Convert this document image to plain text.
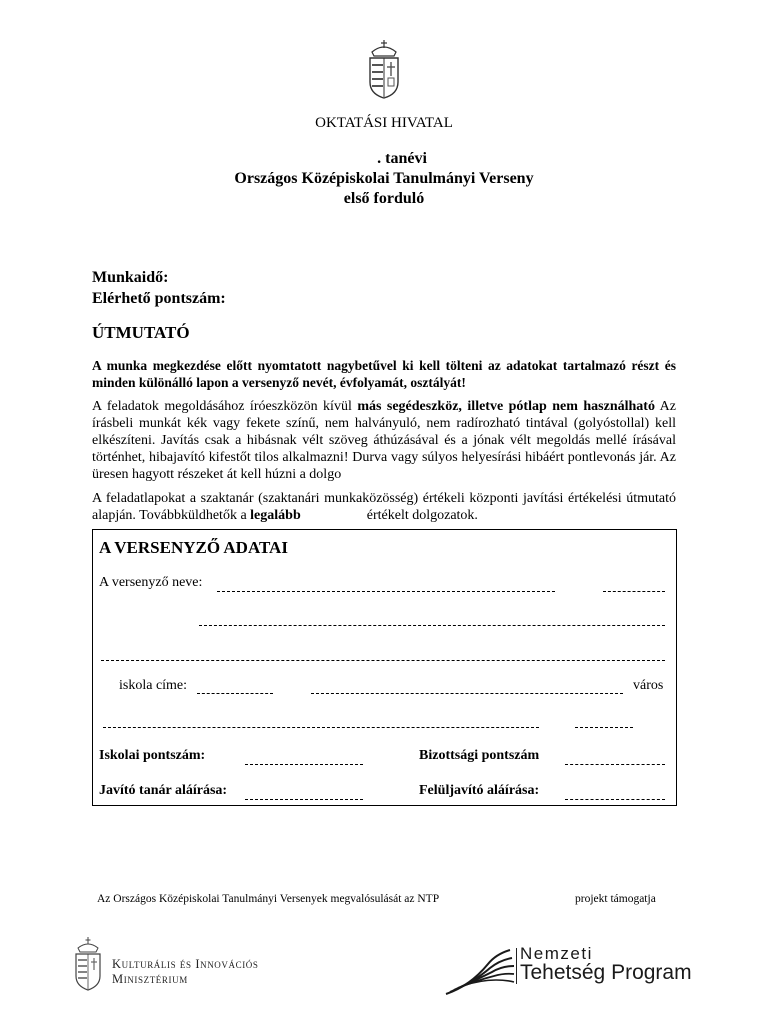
OKTATÁSI HIVATAL
. tanévi
Országos Középiskolai Tanulmányi Verseny
első forduló
Munkaidő:
Elérhető pontszám:
ÚTMUTATÓ
A munka megkezdése előtt nyomtatott nagybetűvel ki kell tölteni az adatokat tartalmazó részt és minden különálló lapon a versenyző nevét, évfolyamát, osztályát!
A feladatok megoldásához íróeszközön kívül más segédeszköz, illetve pótlap nem használható Az írásbeli munkát kék vagy fekete színű, nem halványuló, nem radírozható tintával (golyóstollal) kell elkészíteni. Javítás csak a hibásnak vélt szöveg áthúzásával és a jónak vélt megoldás mellé írásával történhet, hibajavító kifestőt tilos alkalmazni! Durva vagy súlyos helyesírási hibáért pontlevonás jár. Az üresen hagyott részeket át kell húzni a dolgo
A feladatlapokat a szaktanár (szaktanári munkaközösség) értékeli központi javítási értékelési útmutató alapján. Továbbküldhetők a legalább	értékelt dolgozatok.
A VERSENYZŐ ADATAI
A versenyző neve:
iskola címe:	város
Iskolai pontszám:	Bizottsági pontszám
Javító tanár aláírása:	Felüljavító aláírása:
Az Országos Középiskolai Tanulmányi Versenyek megvalósulását az NTP	projekt támogatja
Kulturális és Innovációs
Minisztérium
Nemzeti
Tehetség Program
